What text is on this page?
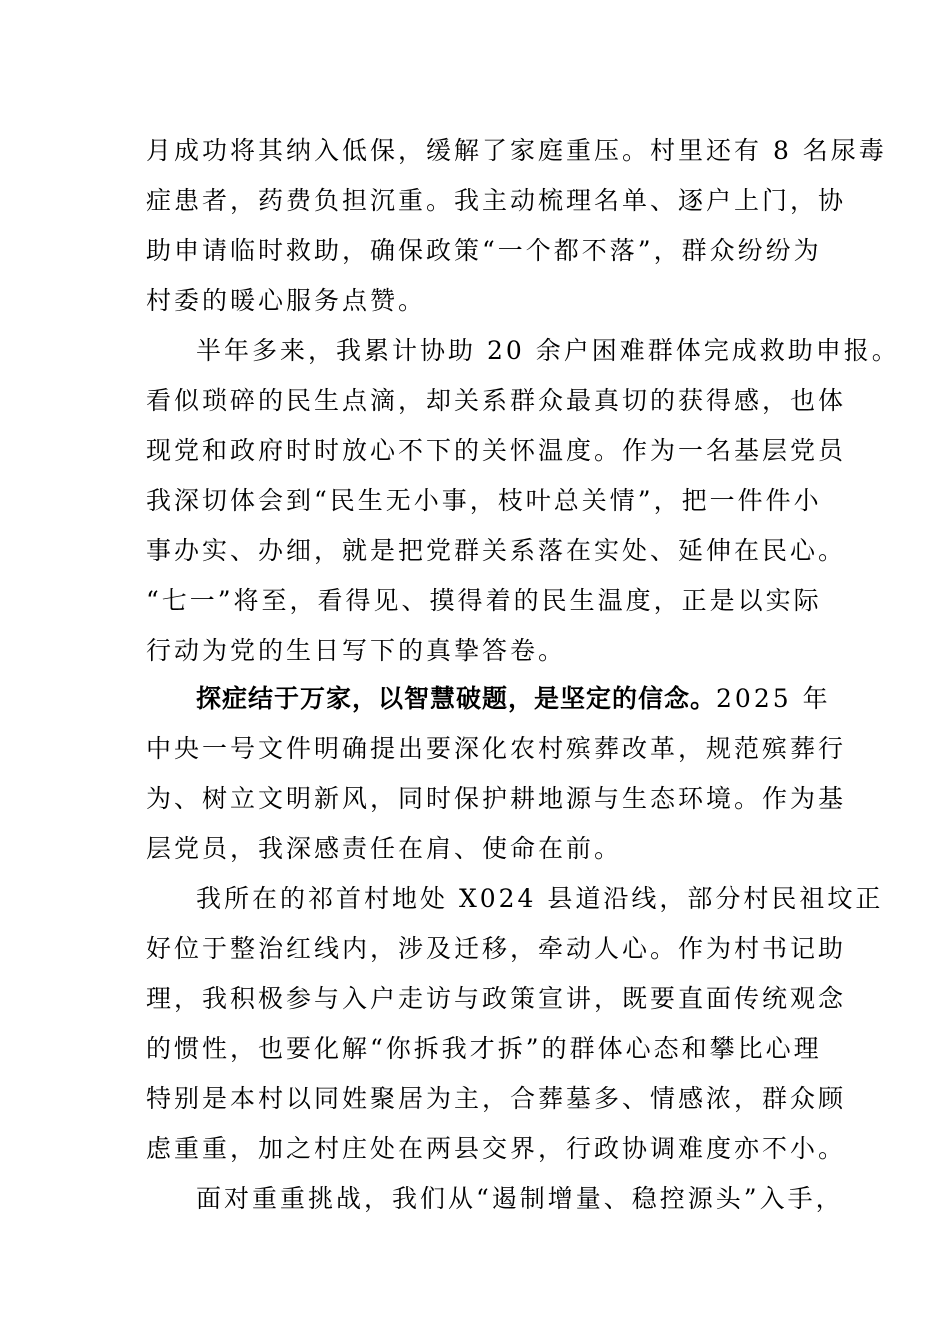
月成功将其纳入低保，缓解了家庭重压。村里还有 8 名尿毒
症患者，药费负担沉重。我主动梳理名单、逐户上门，协
助申请临时救助，确保政策“一个都不落”，群众纷纷为
村委的暖心服务点赞。
半年多来，我累计协助 20 余户困难群体完成救助申报。
看似琐碎的民生点滴，却关系群众最真切的获得感，也体
现党和政府时时放心不下的关怀温度。作为一名基层党员
我深切体会到“民生无小事，枝叶总关情”，把一件件小
事办实、办细，就是把党群关系落在实处、延伸在民心。
“七一”将至，看得见、摸得着的民生温度，正是以实际
行动为党的生日写下的真挚答卷。
探症结于万家，以智慧破题，是坚定的信念。2025 年
中央一号文件明确提出要深化农村殡葬改革，规范殡葬行
为、树立文明新风，同时保护耕地源与生态环境。作为基
层党员，我深感责任在肩、使命在前。
我所在的祁首村地处 X024 县道沿线，部分村民祖坟正
好位于整治红线内，涉及迁移，牵动人心。作为村书记助
理，我积极参与入户走访与政策宣讲，既要直面传统观念
的惯性，也要化解“你拆我才拆”的群体心态和攀比心理
特别是本村以同姓聚居为主，合葬墓多、情感浓，群众顾
虑重重，加之村庄处在两县交界，行政协调难度亦不小。
面对重重挑战，我们从“遏制增量、稳控源头”入手，
